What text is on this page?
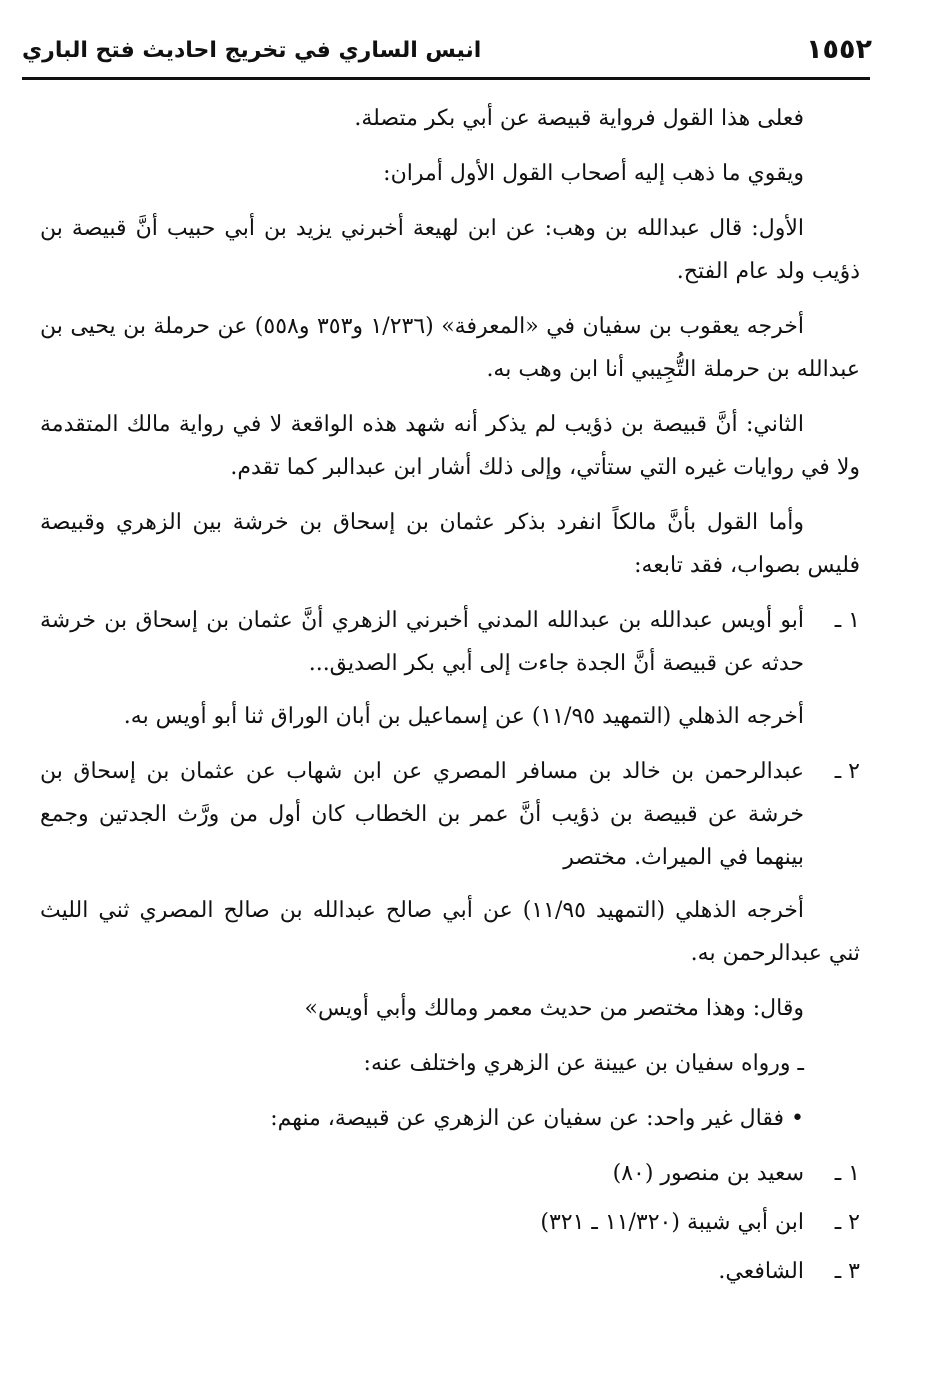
١٥٥٢
انيس الساري في تخريج احاديث فتح الباري

فعلى هذا القول فرواية قبيصة عن أبي بكر متصلة.

ويقوي ما ذهب إليه أصحاب القول الأول أمران:

الأول: قال عبدالله بن وهب: عن ابن لهيعة أخبرني يزيد بن أبي حبيب أنَّ قبيصة بن ذؤيب ولد عام الفتح.

أخرجه يعقوب بن سفيان في «المعرفة» (١/٢٣٦ و٣٥٣ و٥٥٨) عن حرملة بن يحيى بن عبدالله بن حرملة التُّجِيبي أنا ابن وهب به.

الثاني: أنَّ قبيصة بن ذؤيب لم يذكر أنه شهد هذه الواقعة لا في رواية مالك المتقدمة ولا في روايات غيره التي ستأتي، وإلى ذلك أشار ابن عبدالبر كما تقدم.

وأما القول بأنَّ مالكاً انفرد بذكر عثمان بن إسحاق بن خرشة بين الزهري وقبيصة فليس بصواب، فقد تابعه:

١ ـ
أبو أويس عبدالله بن عبدالله المدني أخبرني الزهري أنَّ عثمان بن إسحاق بن خرشة حدثه عن قبيصة أنَّ الجدة جاءت إلى أبي بكر الصديق...

أخرجه الذهلي (التمهيد ١١/٩٥) عن إسماعيل بن أبان الوراق ثنا أبو أويس به.

٢ ـ
عبدالرحمن بن خالد بن مسافر المصري عن ابن شهاب عن عثمان بن إسحاق بن خرشة عن قبيصة بن ذؤيب أنَّ عمر بن الخطاب كان أول من ورَّث الجدتين وجمع بينهما في الميراث. مختصر

أخرجه الذهلي (التمهيد ١١/٩٥) عن أبي صالح عبدالله بن صالح المصري ثني الليث ثني عبدالرحمن به.

وقال: وهذا مختصر من حديث معمر ومالك وأبي أويس»

ـ ورواه سفيان بن عيينة عن الزهري واختلف عنه:

• فقال غير واحد: عن سفيان عن الزهري عن قبيصة، منهم:

١ ـ
سعيد بن منصور (٨٠)
٢ ـ
ابن أبي شيبة (١١/٣٢٠ ـ ٣٢١)
٣ ـ
الشافعي.
